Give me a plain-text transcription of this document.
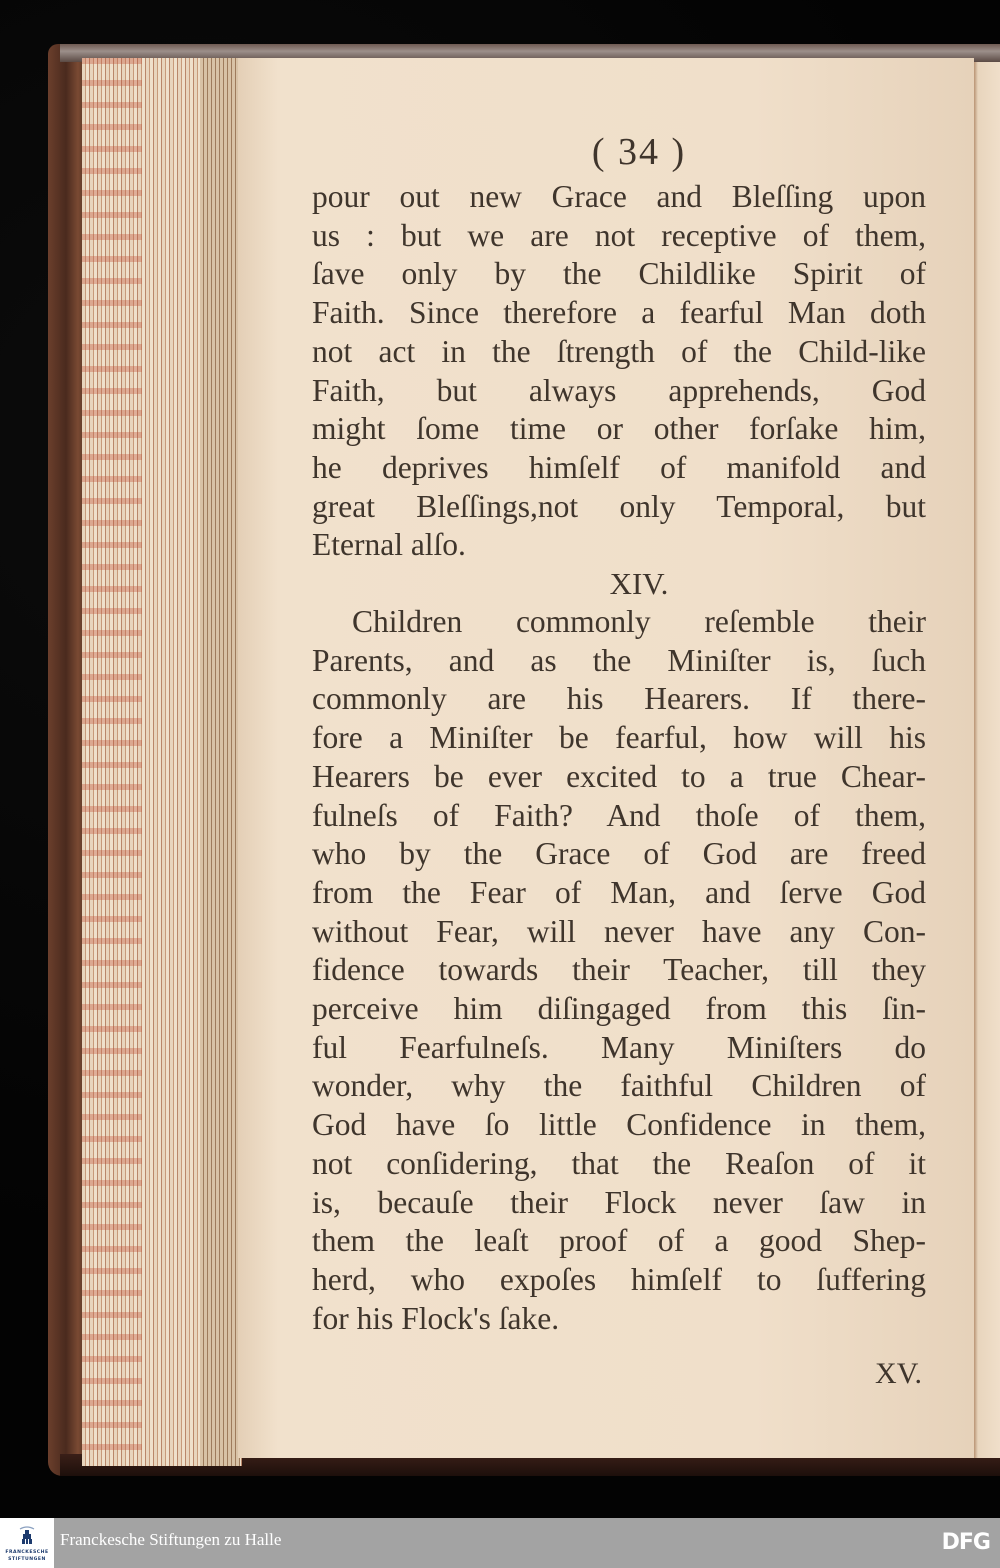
( 34 )
pour out new Grace and Bleſſing upon
us : but we are not receptive of them,
ſave only by the Childlike Spirit of
Faith. Since therefore a fearful Man doth
not act in the ſtrength of the Child-like
Faith, but always apprehends, God
might ſome time or other forſake him,
he deprives himſelf of manifold and
great Bleſſings,not only Temporal, but
Eternal alſo.
XIV.
Children commonly reſemble their
Parents, and as the Miniſter is, ſuch
commonly are his Hearers. If there-
fore a Miniſter be fearful, how will his
Hearers be ever excited to a true Chear-
fulneſs of Faith? And thoſe of them,
who by the Grace of God are freed
from the Fear of Man, and ſerve God
without Fear, will never have any Con-
fidence towards their Teacher, till they
perceive him diſingaged from this ſin-
ful Fearfulneſs. Many Miniſters do
wonder, why the faithful Children of
God have ſo little Confidence in them,
not conſidering, that the Reaſon of it
is, becauſe their Flock never ſaw in
them the leaſt proof of a good Shep-
herd, who expoſes himſelf to ſuffering
for his Flock's ſake.
XV.
FRANCKESCHE
STIFTUNGEN
Franckesche Stiftungen zu Halle	DFG
